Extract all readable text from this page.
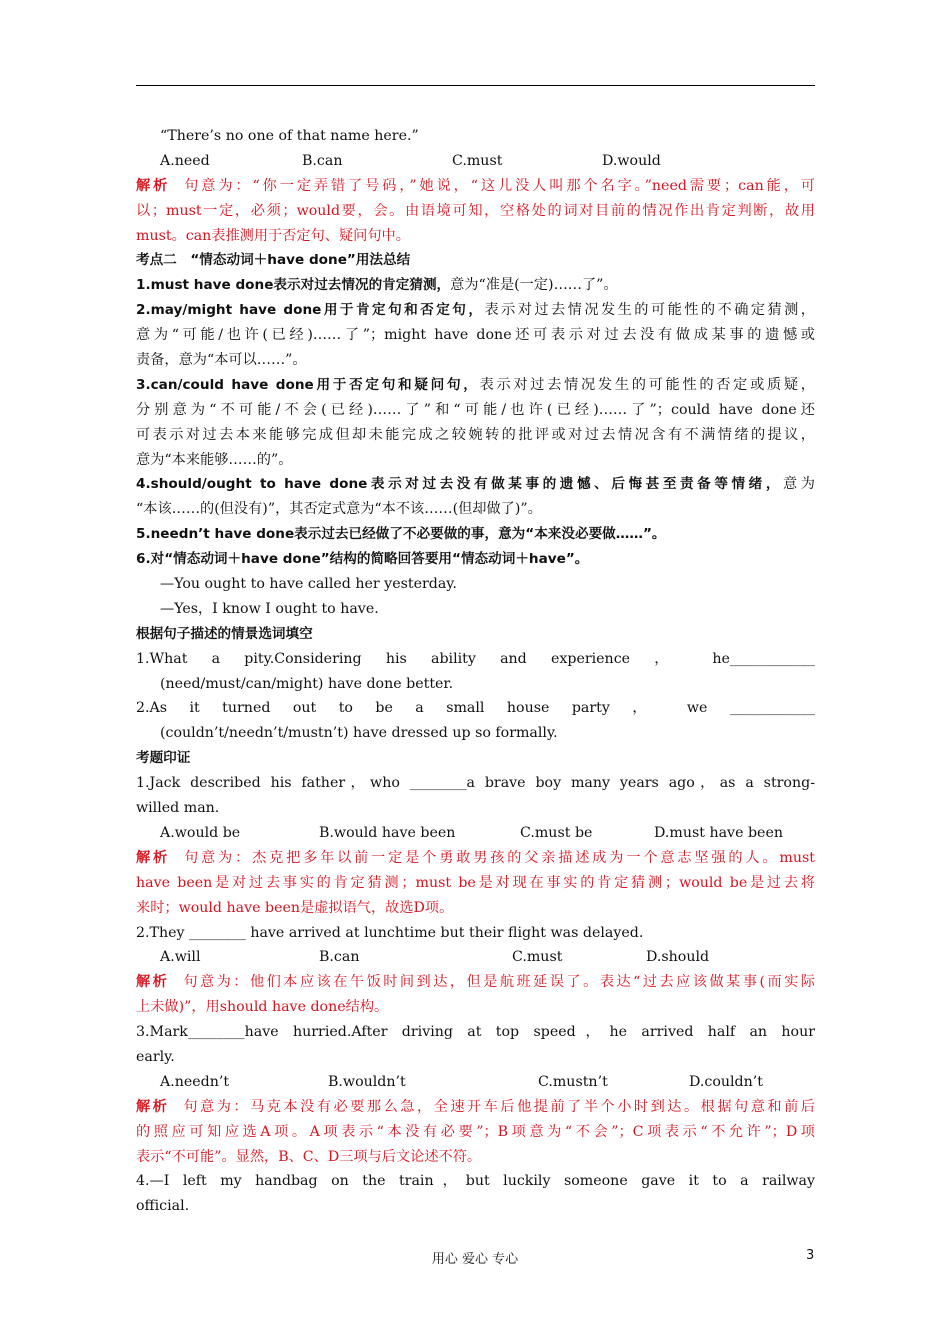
“There’s no one of that name here.”
A.need	B.can	C.must	D.would
解析 句意为：“你一定弄错了号码，”她说，“这儿没人叫那个名字。”need需要；can能，可
以；must一定，必须；would要，会。由语境可知，空格处的词对目前的情况作出肯定判断，故用
must。can表推测用于否定句、疑问句中。
考点二　“情态动词＋have done”用法总结
1.must have done表示对过去情况的肯定猜测，意为“准是(一定)……了”。
2.may/might have done用于肯定句和否定句，表示对过去情况发生的可能性的不确定猜测，
意为“可能/也许(已经)……了”；might have done还可表示对过去没有做成某事的遗憾或
责备，意为“本可以……”。
3.can/could have done用于否定句和疑问句，表示对过去情况发生的可能性的否定或质疑，
分别意为“不可能/不会(已经)……了”和“可能/也许(已经)……了”；could have done还
可表示对过去本来能够完成但却未能完成之较婉转的批评或对过去情况含有不满情绪的提议，
意为“本来能够……的”。
4.should/ought to have done表示对过去没有做某事的遗憾、后悔甚至责备等情绪，意为
“本该……的(但没有)”，其否定式意为“本不该……(但却做了)”。
5.needn’t have done表示过去已经做了不必要做的事，意为“本来没必要做……”。
6.对“情态动词＋have done”结构的简略回答要用“情态动词＋have”。
—You ought to have called her yesterday.
—Yes，I know I ought to have.
根据句子描述的情景选词填空
1.What a pity.Considering his ability and experience ， he____________
(need/must/can/might) have done better.
2.As it turned out to be a small house party ， we ____________
(couldn’t/needn’t/mustn’t) have dressed up so formally.
考题印证
1.Jack described his father，who ________a brave boy many years ago，as a strong-
willed man.
A.would be	B.would have been	C.must be	D.must have been
解析 句意为：杰克把多年以前一定是个勇敢男孩的父亲描述成为一个意志坚强的人。must
have been是对过去事实的肯定猜测；must be是对现在事实的肯定猜测；would be是过去将
来时；would have been是虚拟语气，故选D项。
2.They ________ have arrived at lunchtime but their flight was delayed.
A.will	B.can	C.must	D.should
解析 句意为：他们本应该在午饭时间到达，但是航班延误了。表达“过去应该做某事(而实际
上未做)”，用should have done结构。
3.Mark________have hurried.After driving at top speed，he arrived half an hour
early.
A.needn’t	B.wouldn’t	C.mustn’t	D.couldn’t
解析 句意为：马克本没有必要那么急，全速开车后他提前了半个小时到达。根据句意和前后
的照应可知应选A项。A项表示“本没有必要”；B项意为“不会”；C项表示“不允许”；D项
表示“不可能”。显然，B、C、D三项与后文论述不符。
4.—I left my handbag on the train，but luckily someone gave it to a railway
official.
用心 爱心 专心	3
